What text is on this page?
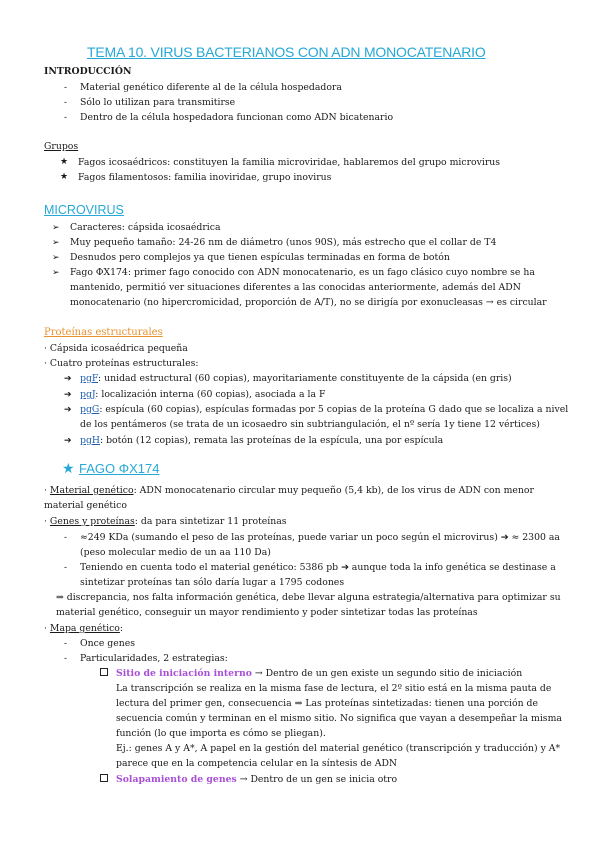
TEMA 10. VIRUS BACTERIANOS CON ADN MONOCATENARIO
INTRODUCCIÓN
- Material genético diferente al de la célula hospedadora
- Sólo lo utilizan para transmitirse
- Dentro de la célula hospedadora funcionan como ADN bicatenario
Grupos
★ Fagos icosaédricos: constituyen la familia microviridae, hablaremos del grupo microvirus
★ Fagos filamentosos: familia inoviridae, grupo inovirus
MICROVIRUS
➢ Caracteres: cápsida icosaédrica
➢ Muy pequeño tamaño: 24-26 nm de diámetro (unos 90S), más estrecho que el collar de T4
➢ Desnudos pero complejos ya que tienen espículas terminadas en forma de botón
➢ Fago ΦX174: primer fago conocido con ADN monocatenario, es un fago clásico cuyo nombre se ha
mantenido, permitió ver situaciones diferentes a las conocidas anteriormente, además del ADN
monocatenario (no hipercromicidad, proporción de A/T), no se dirigía por exonucleasas → es circular
Proteínas estructurales
· Cápsida icosaédrica pequeña
· Cuatro proteínas estructurales:
➔ pgF: unidad estructural (60 copias), mayoritariamente constituyente de la cápsida (en gris)
➔ pgJ: localización interna (60 copias), asociada a la F
➔ pgG: espícula (60 copias), espículas formadas por 5 copias de la proteína G dado que se localiza a nivel
de los pentámeros (se trata de un icosaedro sin subtriangulación, el nº sería 1y tiene 12 vértices)
➔ pgH: botón (12 copias), remata las proteínas de la espícula, una por espícula
★ FAGO ΦX174
· Material genético: ADN monocatenario circular muy pequeño (5,4 kb), de los virus de ADN con menor
material genético
· Genes y proteínas: da para sintetizar 11 proteínas
- ≈249 KDa (sumando el peso de las proteínas, puede variar un poco según el microvirus) ➔ ≈ 2300 aa
(peso molecular medio de un aa 110 Da)
- Teniendo en cuenta todo el material genético: 5386 pb ➔ aunque toda la info genética se destinase a
sintetizar proteínas tan sólo daría lugar a 1795 codones
⇒ discrepancia, nos falta información genética, debe llevar alguna estrategia/alternativa para optimizar su
material genético, conseguir un mayor rendimiento y poder sintetizar todas las proteínas
· Mapa genético:
- Once genes
- Particularidades, 2 estrategias:
Sitio de iniciación interno → Dentro de un gen existe un segundo sitio de iniciación
La transcripción se realiza en la misma fase de lectura, el 2º sitio está en la misma pauta de
lectura del primer gen, consecuencia ⇒ Las proteínas sintetizadas: tienen una porción de
secuencia común y terminan en el mismo sitio. No significa que vayan a desempeñar la misma
función (lo que importa es cómo se pliegan).
Ej.: genes A y A*, A papel en la gestión del material genético (transcripción y traducción) y A*
parece que en la competencia celular en la síntesis de ADN
Solapamiento de genes → Dentro de un gen se inicia otro
